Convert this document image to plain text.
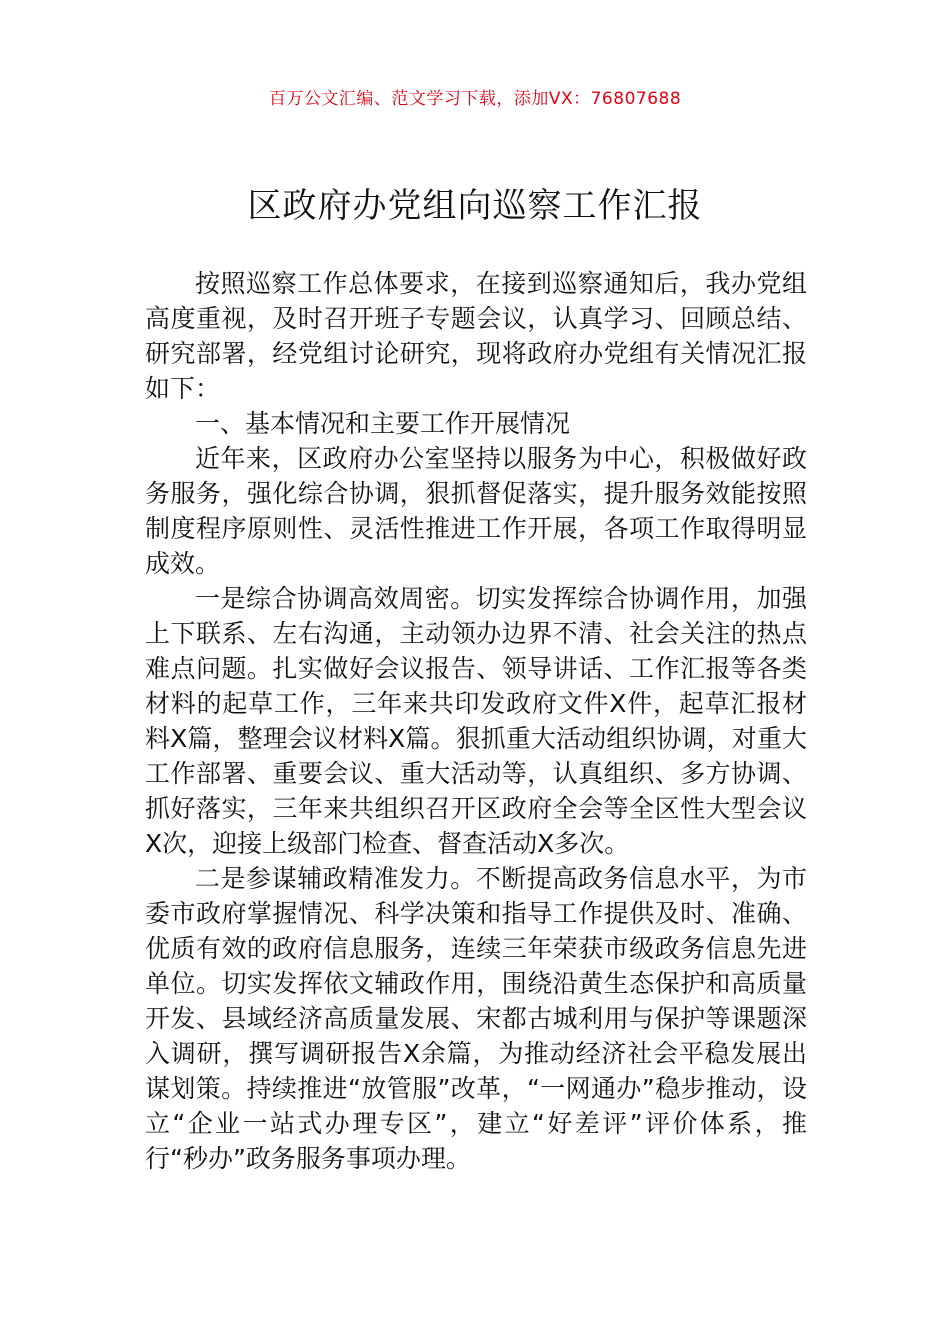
百万公文汇编、范文学习下载，添加VX：76807688
区政府办党组向巡察工作汇报

按照巡察工作总体要求，在接到巡察通知后，我办党组高度重视，及时召开班子专题会议，认真学习、回顾总结、研究部署，经党组讨论研究，现将政府办党组有关情况汇报如下：

一、基本情况和主要工作开展情况

近年来，区政府办公室坚持以服务为中心，积极做好政务服务，强化综合协调，狠抓督促落实，提升服务效能按照制度程序原则性、灵活性推进工作开展，各项工作取得明显成效。

一是综合协调高效周密。切实发挥综合协调作用，加强上下联系、左右沟通，主动领办边界不清、社会关注的热点难点问题。扎实做好会议报告、领导讲话、工作汇报等各类材料的起草工作，三年来共印发政府文件X件，起草汇报材料X篇，整理会议材料X篇。狠抓重大活动组织协调，对重大工作部署、重要会议、重大活动等，认真组织、多方协调、抓好落实，三年来共组织召开区政府全会等全区性大型会议X次，迎接上级部门检查、督查活动X多次。

二是参谋辅政精准发力。不断提高政务信息水平，为市委市政府掌握情况、科学决策和指导工作提供及时、准确、优质有效的政府信息服务，连续三年荣获市级政务信息先进单位。切实发挥依文辅政作用，围绕沿黄生态保护和高质量开发、县域经济高质量发展、宋都古城利用与保护等课题深入调研，撰写调研报告X余篇，为推动经济社会平稳发展出谋划策。持续推进“放管服”改革，“一网通办”稳步推动，设立“企业一站式办理专区”，建立“好差评”评价体系，推行“秒办”政务服务事项办理。
